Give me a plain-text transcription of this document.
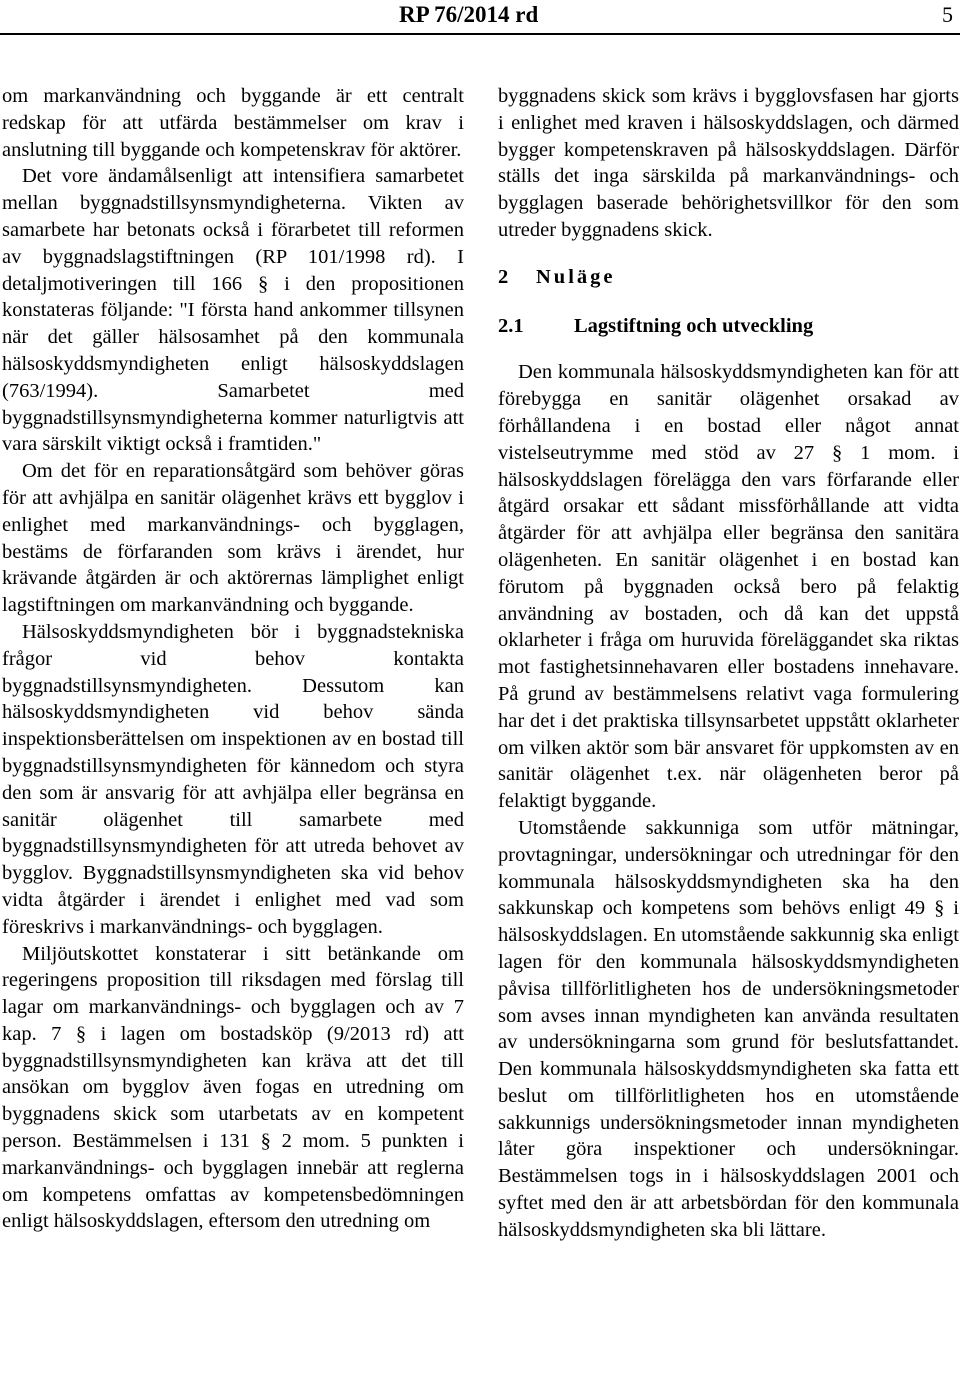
RP 76/2014 rd	5

om markanvändning och byggande är ett centralt redskap för att utfärda bestämmelser om krav i anslutning till byggande och kompetenskrav för aktörer.

Det vore ändamålsenligt att intensifiera samarbetet mellan byggnadstillsynsmyndigheterna. Vikten av samarbete har betonats också i förarbetet till reformen av byggnadslagstiftningen (RP 101/1998 rd). I detaljmotiveringen till 166 § i den propositionen konstateras följande: "I första hand ankommer tillsynen när det gäller hälsosamhet på den kommunala hälsoskyddsmyndigheten enligt hälsoskyddslagen (763/1994). Samarbetet med byggnadstillsynsmyndigheterna kommer naturligtvis att vara särskilt viktigt också i framtiden."

Om det för en reparationsåtgärd som behöver göras för att avhjälpa en sanitär olägenhet krävs ett bygglov i enlighet med markanvändnings- och bygglagen, bestäms de förfaranden som krävs i ärendet, hur krävande åtgärden är och aktörernas lämplighet enligt lagstiftningen om markanvändning och byggande.

Hälsoskyddsmyndigheten bör i byggnadstekniska frågor vid behov kontakta byggnadstillsynsmyndigheten. Dessutom kan hälsoskyddsmyndigheten vid behov sända inspektionsberättelsen om inspektionen av en bostad till byggnadstillsynsmyndigheten för kännedom och styra den som är ansvarig för att avhjälpa eller begränsa en sanitär olägenhet till samarbete med byggnadstillsynsmyndigheten för att utreda behovet av bygglov. Byggnadstillsynsmyndigheten ska vid behov vidta åtgärder i ärendet i enlighet med vad som föreskrivs i markanvändnings- och bygglagen.

Miljöutskottet konstaterar i sitt betänkande om regeringens proposition till riksdagen med förslag till lagar om markanvändnings- och bygglagen och av 7 kap. 7 § i lagen om bostadsköp (9/2013 rd) att byggnadstillsynsmyndigheten kan kräva att det till ansökan om bygglov även fogas en utredning om byggnadens skick som utarbetats av en kompetent person. Bestämmelsen i 131 § 2 mom. 5 punkten i markanvändnings- och bygglagen innebär att reglerna om kompetens omfattas av kompetensbedömningen enligt hälsoskyddslagen, eftersom den utredning om

byggnadens skick som krävs i bygglovsfasen har gjorts i enlighet med kraven i hälsoskyddslagen, och därmed bygger kompetenskraven på hälsoskyddslagen. Därför ställs det inga särskilda på markanvändnings- och bygglagen baserade behörighetsvillkor för den som utreder byggnadens skick.

2 Nuläge
2.1 Lagstiftning och utveckling

Den kommunala hälsoskyddsmyndigheten kan för att förebygga en sanitär olägenhet orsakad av förhållandena i en bostad eller något annat vistelseutrymme med stöd av 27 § 1 mom. i hälsoskyddslagen förelägga den vars förfarande eller åtgärd orsakar ett sådant missförhållande att vidta åtgärder för att avhjälpa eller begränsa den sanitära olägenheten. En sanitär olägenhet i en bostad kan förutom på byggnaden också bero på felaktig användning av bostaden, och då kan det uppstå oklarheter i fråga om huruvida föreläggandet ska riktas mot fastighetsinnehavaren eller bostadens innehavare. På grund av bestämmelsens relativt vaga formulering har det i det praktiska tillsynsarbetet uppstått oklarheter om vilken aktör som bär ansvaret för uppkomsten av en sanitär olägenhet t.ex. när olägenheten beror på felaktigt byggande.

Utomstående sakkunniga som utför mätningar, provtagningar, undersökningar och utredningar för den kommunala hälsoskyddsmyndigheten ska ha den sakkunskap och kompetens som behövs enligt 49 § i hälsoskyddslagen. En utomstående sakkunnig ska enligt lagen för den kommunala hälsoskyddsmyndigheten påvisa tillförlitligheten hos de undersökningsmetoder som avses innan myndigheten kan använda resultaten av undersökningarna som grund för beslutsfattandet. Den kommunala hälsoskyddsmyndigheten ska fatta ett beslut om tillförlitligheten hos en utomstående sakkunnigs undersökningsmetoder innan myndigheten låter göra inspektioner och undersökningar. Bestämmelsen togs in i hälsoskyddslagen 2001 och syftet med den är att arbetsbördan för den kommunala hälsoskyddsmyndigheten ska bli lättare.
